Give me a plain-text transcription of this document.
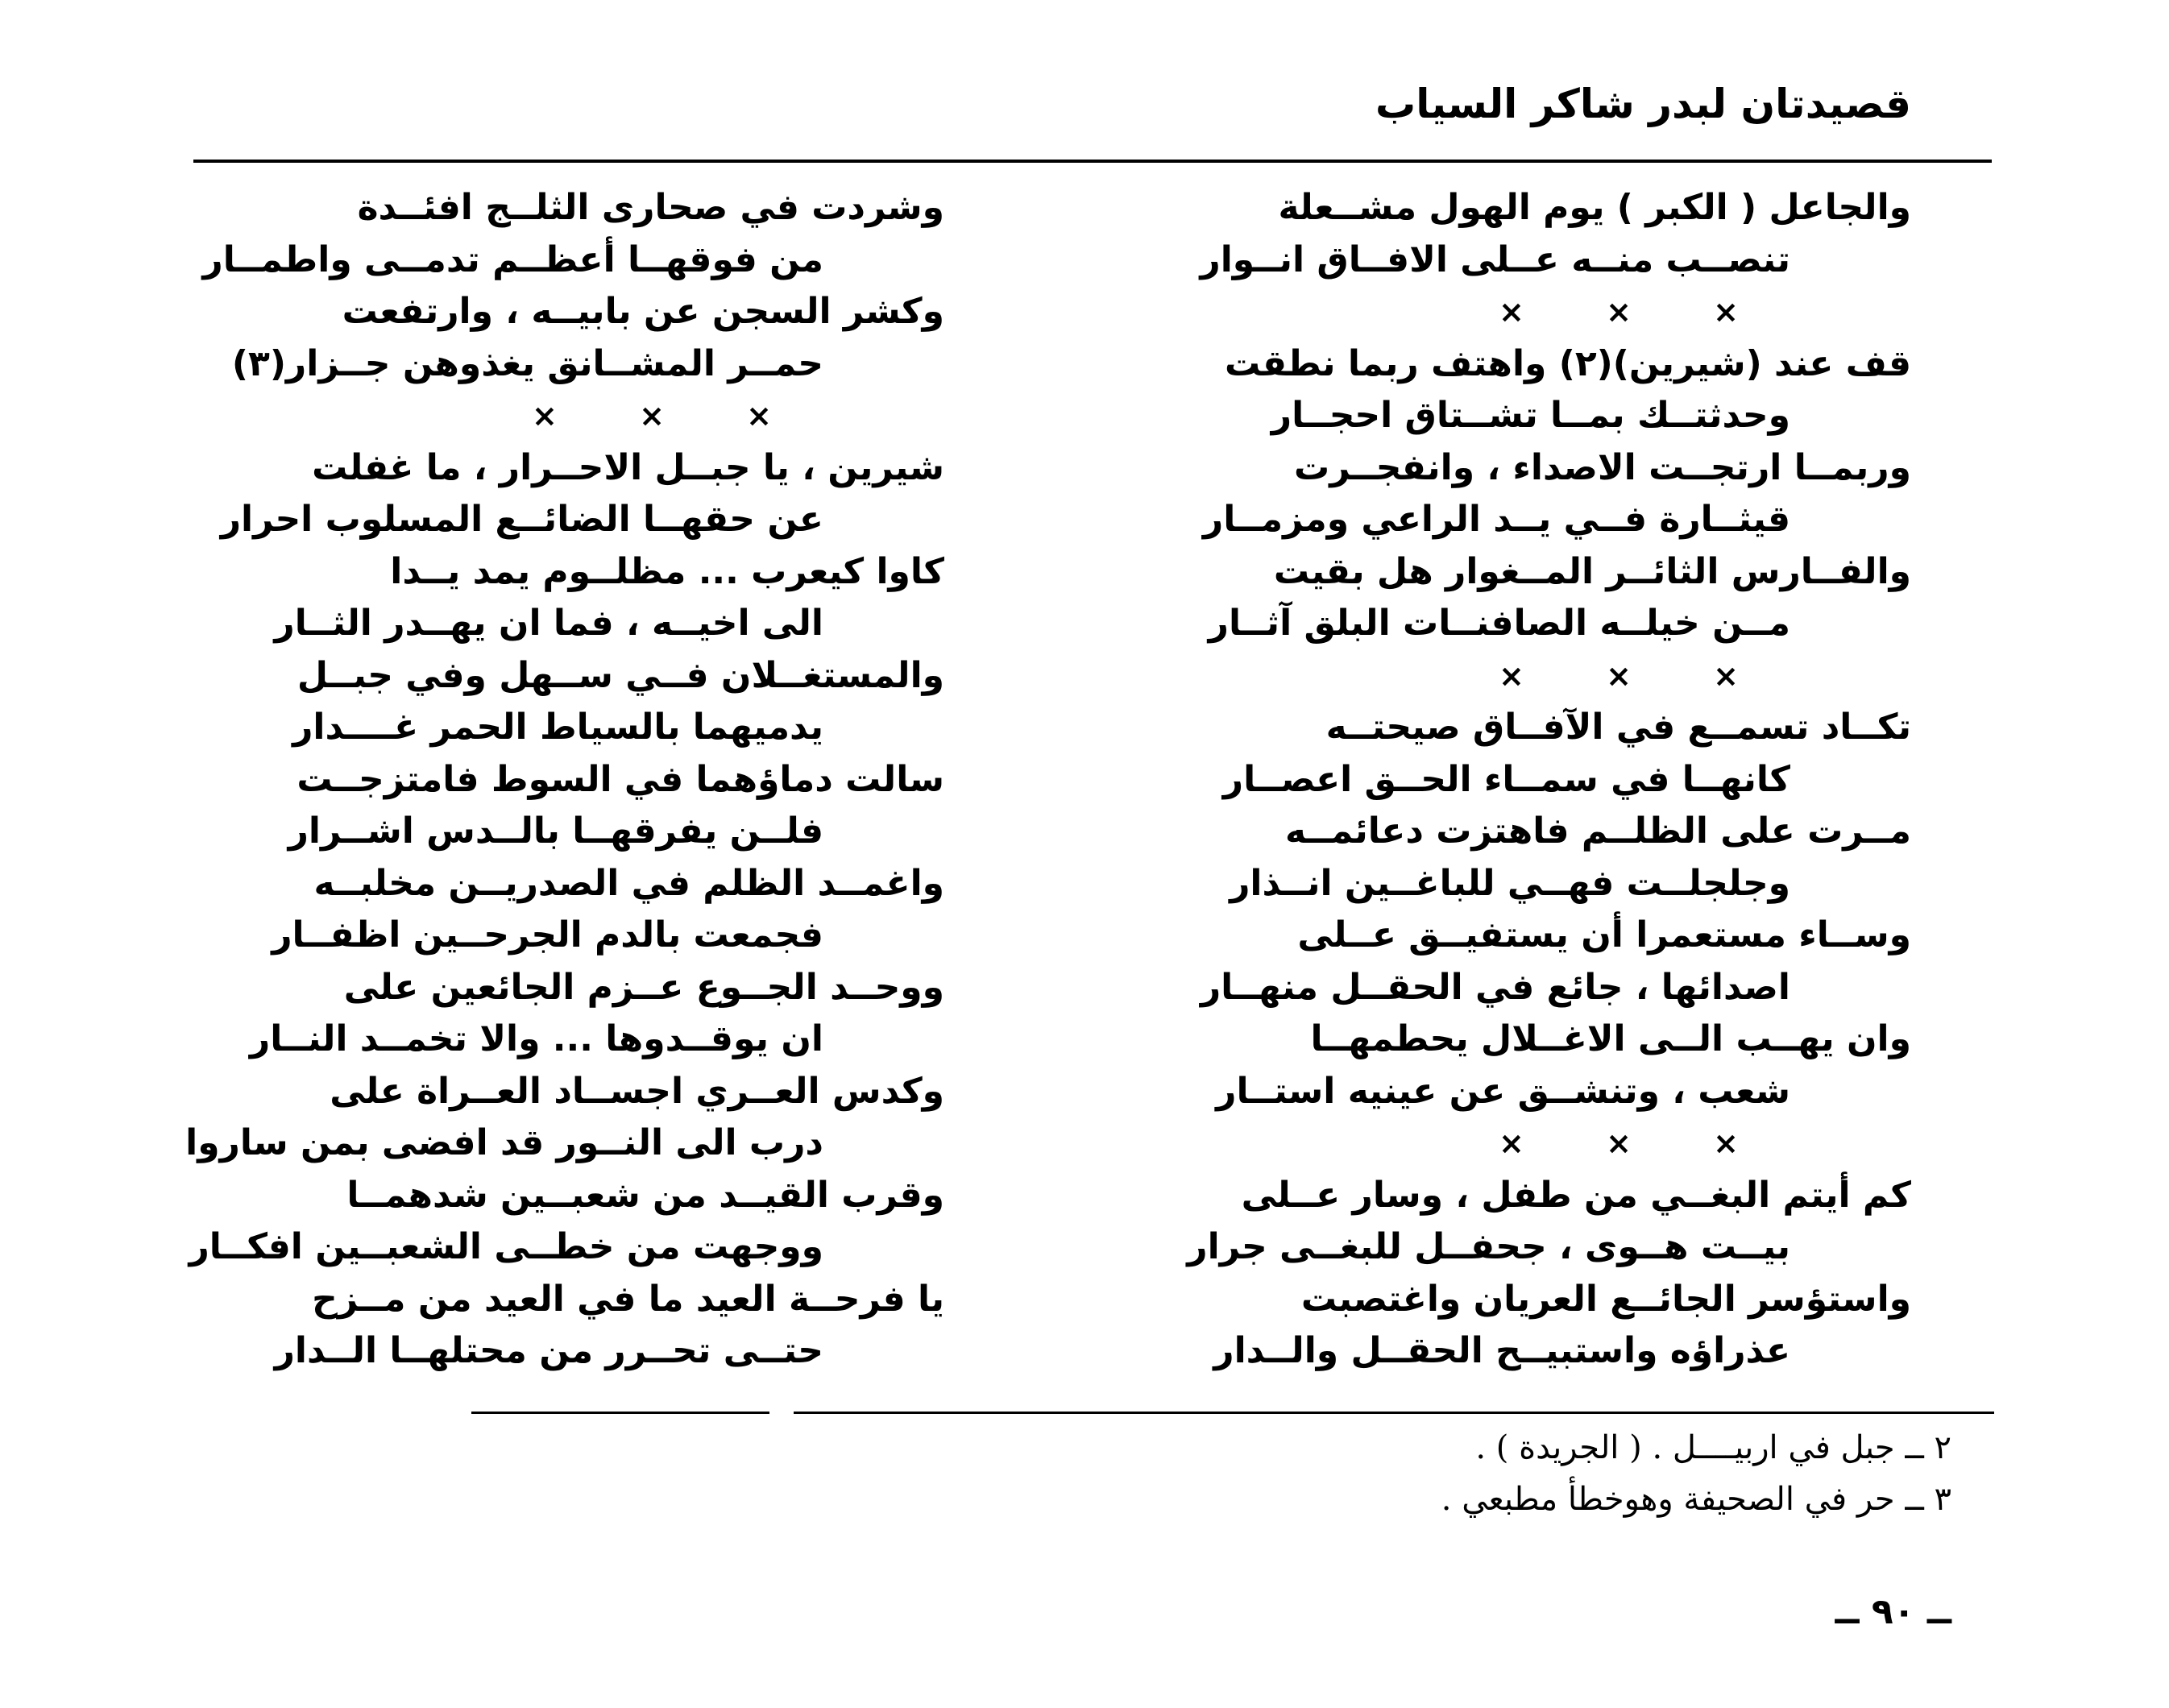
قصيدتان لبدر شاكر السياب
والجاعل ( الكبر ) يوم الهول مشــعلة
تنصــب منــه عــلى الافــاق انــوار
× × ×
قف عند (شيرين)(٢) واهتف ربما نطقت
وحدثتــك بمــا تشــتاق احجــار
وربمــا ارتجــت الاصداء ، وانفجــرت
قيثــارة فــي يــد الراعي ومزمــار
والفــارس الثائــر المــغوار هل بقيت
مــن خيلــه الصافنــات البلق آثــار
× × ×
تكــاد تسمــع في الآفــاق صيحتــه
كانهــا في سمــاء الحــق اعصــار
مــرت على الظلــم فاهتزت دعائمــه
وجلجلــت فهــي للباغــين انــذار
وســاء مستعمرا أن يستفيــق عــلى
اصدائها ، جائع في الحقــل منهــار
وان يهــب الــى الاغــلال يحطمهــا
شعب ، وتنشــق عن عينيه استــار
× × ×
كم أيتم البغــي من طفل ، وسار عــلى
بيــت هــوى ، جحفــل للبغــى جرار
واستؤسر الجائــع العريان واغتصبت
عذراؤه واستبيــح الحقــل والــدار
وشردت في صحارى الثلــج افئــدة
من فوقهــا أعظــم تدمــى واطمــار
وكشر السجن عن بابيــه ، وارتفعت
حمــر المشــانق يغذوهن جــزار(٣)
× × ×
شيرين ، يا جبــل الاحــرار ، ما غفلت
عن حقهــا الضائــع المسلوب احرار
كاوا كيعرب ... مظلــوم يمد يــدا
الى اخيــه ، فما ان يهــدر الثــار
والمستغــلان فــي ســهل وفي جبــل
يدميهما بالسياط الحمر غــــدار
سالت دماؤهما في السوط فامتزجــت
فلــن يفرقهــا بالــدس اشــرار
واغمــد الظلم في الصدريــن مخلبــه
فجمعت بالدم الجرحــين اظفــار
ووحــد الجــوع عــزم الجائعين على
ان يوقــدوها ... والا تخمــد النــار
وكدس العــري اجســاد العــراة على
درب الى النــور قد افضى بمن ساروا
وقرب القيــد من شعبــين شدهمــا
ووجهت من خطــى الشعبــين افكــار
يا فرحــة العيد ما في العيد من مــزح
حتــى تحــرر من محتلهــا الــدار
٢ ــ جبل في اربيــــل . ( الجريدة ) .
٣ ــ حر في الصحيفة وهوخطأ مطبعي .
ــ ٩٠ ــ
